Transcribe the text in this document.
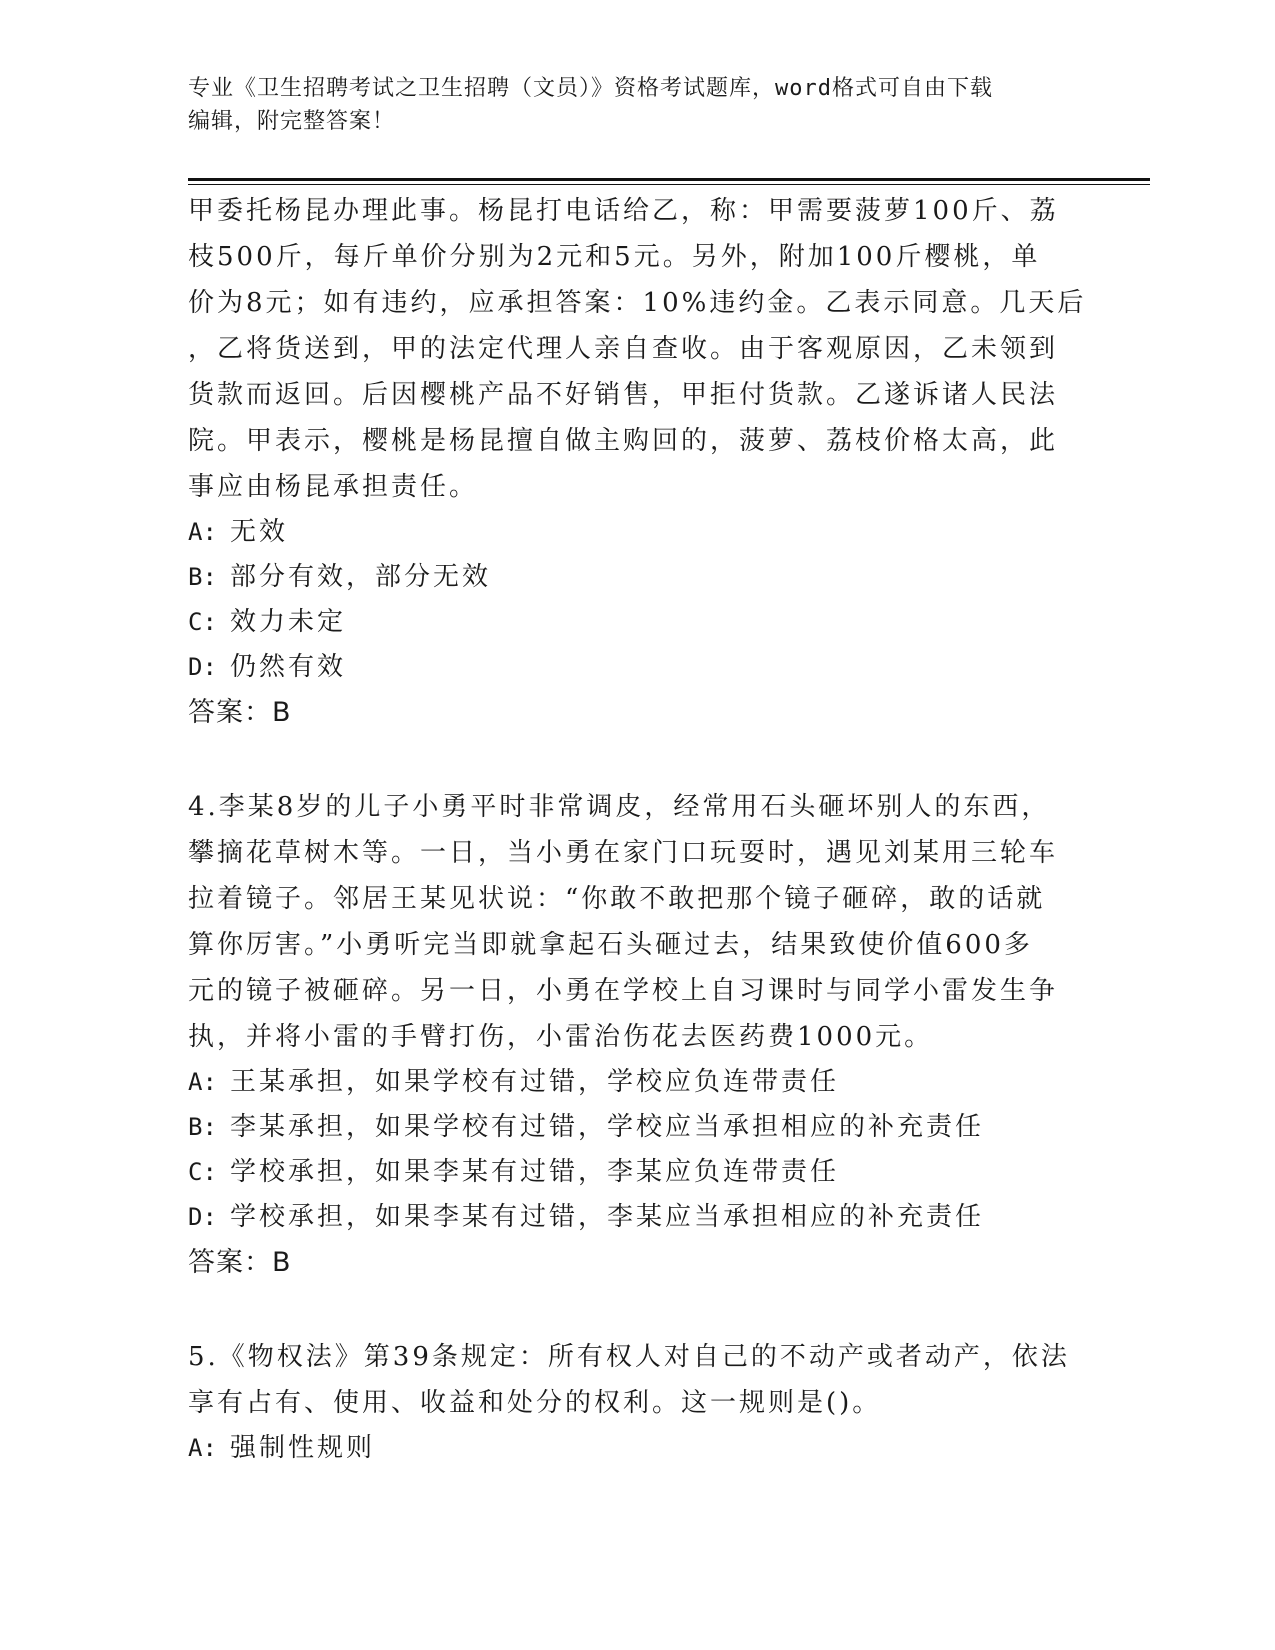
专业《卫生招聘考试之卫生招聘（文员）》资格考试题库，word格式可自由下载
编辑，附完整答案！

甲委托杨昆办理此事。杨昆打电话给乙，称：甲需要菠萝100斤、荔

枝500斤，每斤单价分别为2元和5元。另外，附加100斤樱桃，单

价为8元；如有违约，应承担答案：10%违约金。乙表示同意。几天后

，乙将货送到，甲的法定代理人亲自查收。由于客观原因，乙未领到

货款而返回。后因樱桃产品不好销售，甲拒付货款。乙遂诉诸人民法

院。甲表示，樱桃是杨昆擅自做主购回的，菠萝、荔枝价格太高，此

事应由杨昆承担责任。

A: 无效

B: 部分有效，部分无效

C: 效力未定

D: 仍然有效

答案：B

4.李某8岁的儿子小勇平时非常调皮，经常用石头砸坏别人的东西，

攀摘花草树木等。一日，当小勇在家门口玩耍时，遇见刘某用三轮车

拉着镜子。邻居王某见状说：“你敢不敢把那个镜子砸碎，敢的话就

算你厉害。”小勇听完当即就拿起石头砸过去，结果致使价值600多

元的镜子被砸碎。另一日，小勇在学校上自习课时与同学小雷发生争

执，并将小雷的手臂打伤，小雷治伤花去医药费1000元。

A: 王某承担，如果学校有过错，学校应负连带责任

B: 李某承担，如果学校有过错，学校应当承担相应的补充责任

C: 学校承担，如果李某有过错，李某应负连带责任

D: 学校承担，如果李某有过错，李某应当承担相应的补充责任

答案：B

5.《物权法》第39条规定：所有权人对自己的不动产或者动产，依法

享有占有、使用、收益和处分的权利。这一规则是()。

A: 强制性规则
